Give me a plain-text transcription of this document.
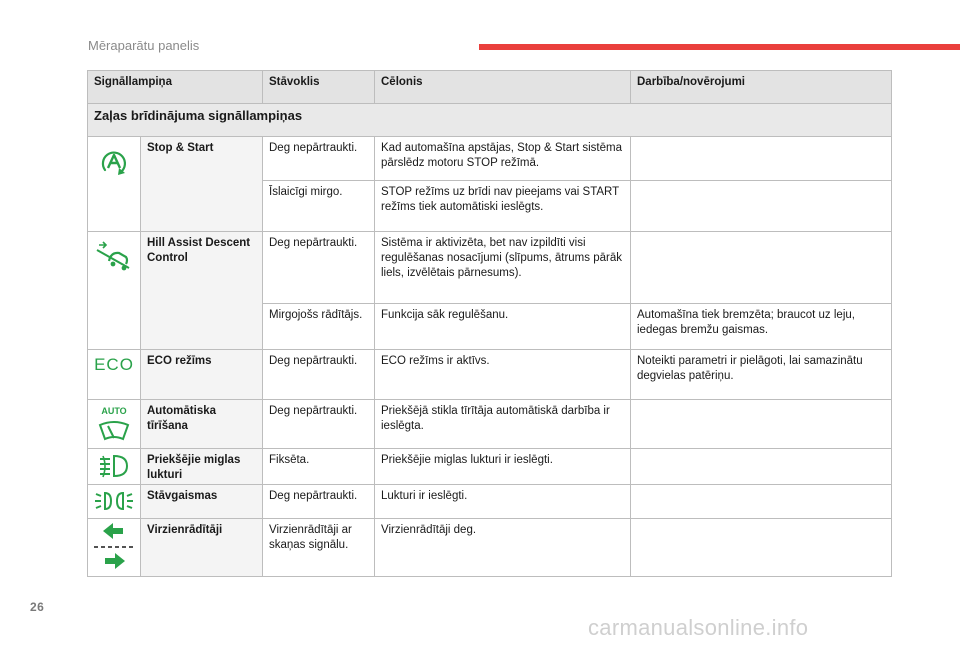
Mēraparātu panelis
Signāllampiņa		Stāvoklis	Cēlonis	Darbība/novērojumi
Zaļas brīdinājuma signāllampiņas				
	Stop & Start	Deg nepārtraukti.	Kad automašīna apstājas, Stop & Start sistēma pārslēdz motoru STOP režīmā.	
		Īslaicīgi mirgo.	STOP režīms uz brīdi nav pieejams vai START režīms tiek automātiski ieslēgts.	
	Hill Assist Descent Control	Deg nepārtraukti.	Sistēma ir aktivizēta, bet nav izpildīti visi regulēšanas nosacījumi (slīpums, ātrums pārāk liels, izvēlētais pārnesums).	
		Mirgojošs rādītājs.	Funkcija sāk regulēšanu.	Automašīna tiek bremzēta; braucot uz leju, iedegas bremžu gaismas.

ECO	ECO režīms	Deg nepārtraukti.	ECO režīms ir aktīvs.	Noteikti parametri ir pielāgoti, lai samazinātu degvielas patēriņu.

AUTO	Automātiska tīrīšana	Deg nepārtraukti.	Priekšējā stikla tīrītāja automātiskā darbība ir ieslēgta.	
	Priekšējie miglas lukturi	Fiksēta.	Priekšējie miglas lukturi ir ieslēgti.	
	Stāvgaismas	Deg nepārtraukti.	Lukturi ir ieslēgti.	
	Virzienrādītāji	Virzienrādītāji ar skaņas signālu.	Virzienrādītāji deg.	
26
carmanualsonline.info
